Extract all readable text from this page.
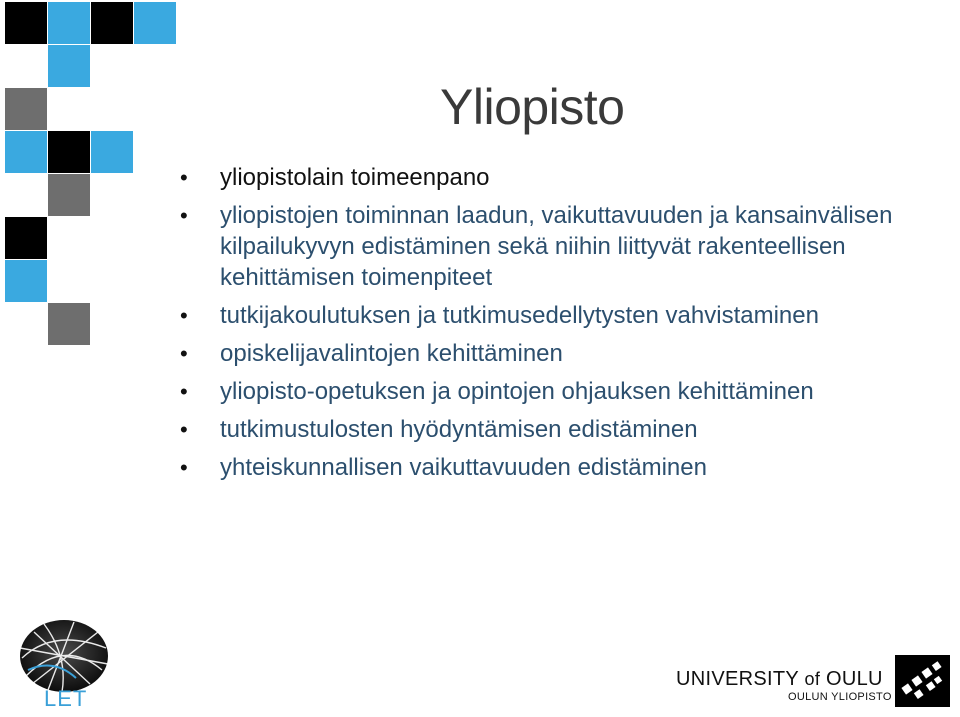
Yliopisto
• yliopistolain toimeenpano
• yliopistojen toiminnan laadun, vaikuttavuuden ja kansainvälisen kilpailukyvyn edistäminen sekä niihin liittyvät rakenteellisen kehittämisen toimenpiteet
• tutkijakoulutuksen ja tutkimusedellytysten vahvistaminen
• opiskelijavalintojen kehittäminen
• yliopisto-opetuksen ja opintojen ohjauksen kehittäminen
• tutkimustulosten hyödyntämisen edistäminen
• yhteiskunnallisen vaikuttavuuden edistäminen
LET
UNIVERSITY of OULU
OULUN YLIOPISTO
